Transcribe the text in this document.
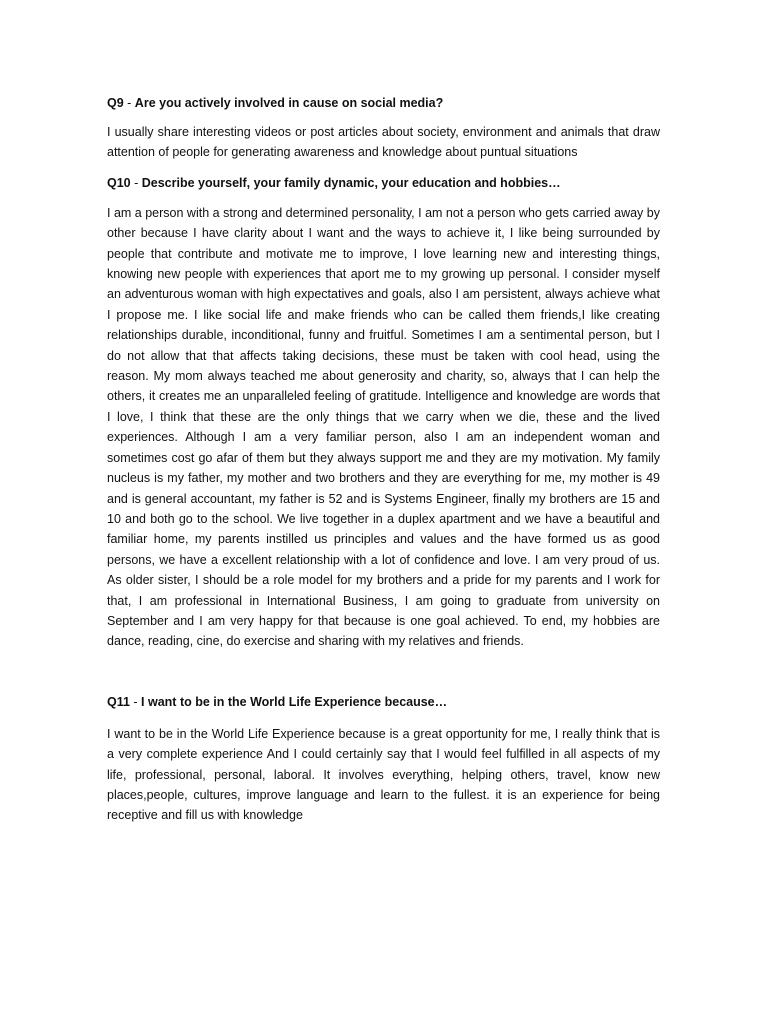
Q9 - Are you actively involved in cause on social media?

I usually share interesting videos or post articles about society, environment and animals that draw attention of people for generating awareness and knowledge about puntual situations

Q10 - Describe yourself, your family dynamic, your education and hobbies…

I am a person with a strong and determined personality, I am not a person who gets carried away by other because I have clarity about I want and the ways to achieve it, I like being surrounded by people that contribute and motivate me to improve, I love learning new and interesting things, knowing new people with experiences that aport me to my growing up personal. I consider myself an adventurous woman with high expectatives and goals, also I am persistent, always achieve what I propose me. I like social life and make friends who can be called them friends,I like creating relationships durable, inconditional, funny and fruitful. Sometimes I am a sentimental person, but I do not allow that that affects taking decisions, these must be taken with cool head, using the reason. My mom always teached me about generosity and charity, so, always that I can help the others, it creates me an unparalleled feeling of gratitude. Intelligence and knowledge are words that I love, I think that these are the only things that we carry when we die, these and the lived experiences. Although I am a very familiar person, also I am an independent woman and sometimes cost go afar of them but they always support me and they are my motivation. My family nucleus is my father, my mother and two brothers and they are everything for me, my mother is 49 and is general accountant, my father is 52 and is Systems Engineer, finally my brothers are 15 and 10 and both go to the school. We live together in a duplex apartment and we have a beautiful and familiar home, my parents instilled us principles and values and the have formed us as good persons, we have a excellent relationship with a lot of confidence and love. I am very proud of us. As older sister, I should be a role model for my brothers and a pride for my parents and I work for that, I am professional in International Business, I am going to graduate from university on September and I am very happy for that because is one goal achieved. To end, my hobbies are dance, reading, cine, do exercise and sharing with my relatives and friends.

Q11 - I want to be in the World Life Experience because…

I want to be in the World Life Experience because is a great opportunity for me, I really think that is a very complete experience And I could certainly say that I would feel fulfilled in all aspects of my life, professional, personal, laboral. It involves everything, helping others, travel, know new places,people, cultures, improve language and learn to the fullest. it is an experience for being receptive and fill us with knowledge
